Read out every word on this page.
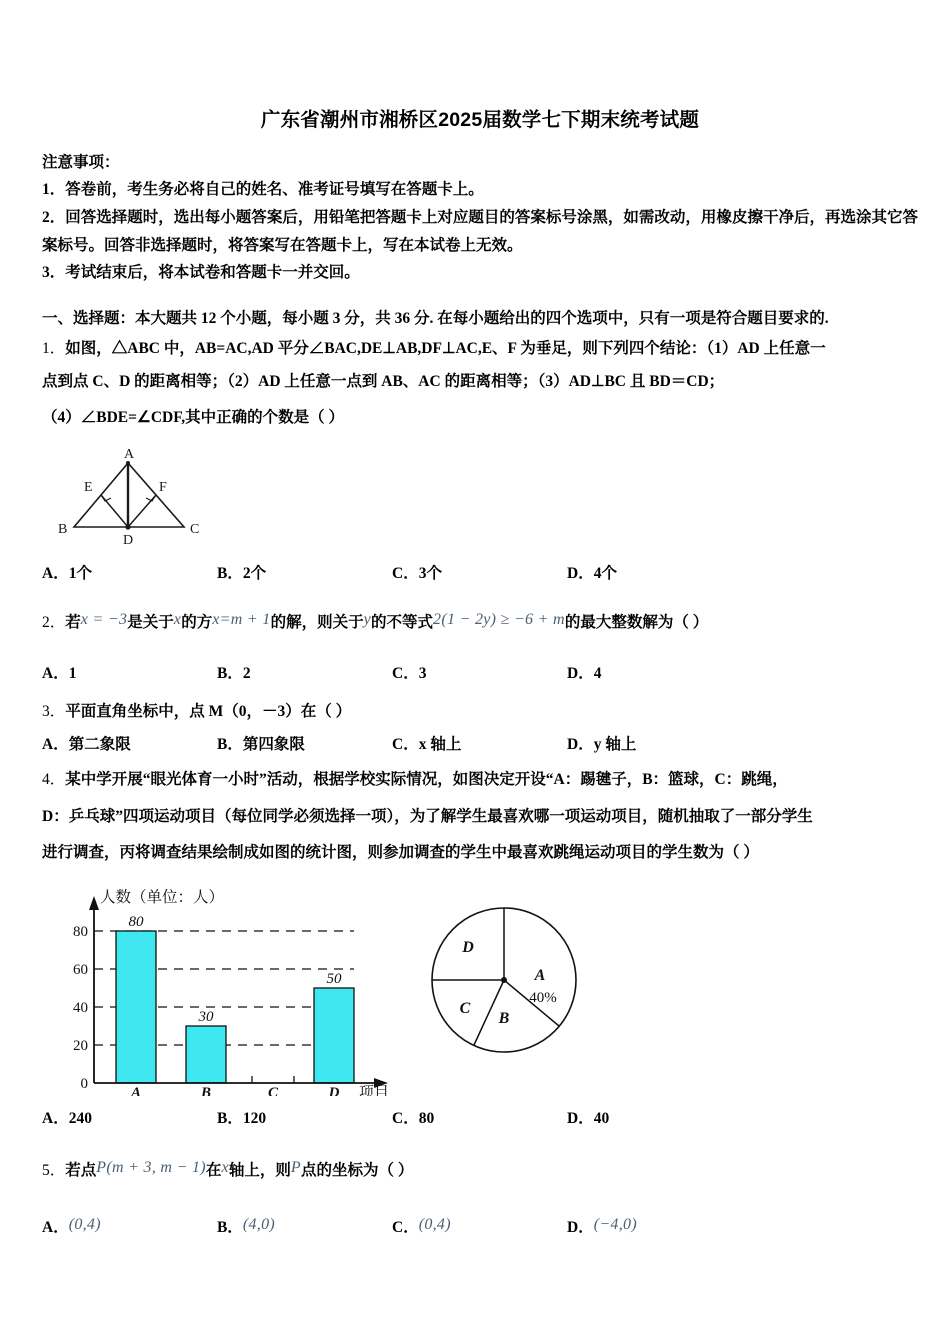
广东省潮州市湘桥区2025届数学七下期末统考试题

注意事项：

1．答卷前，考生务必将自己的姓名、准考证号填写在答题卡上。

2．回答选择题时，选出每小题答案后，用铅笔把答题卡上对应题目的答案标号涂黑，如需改动，用橡皮擦干净后，再选涂其它答案标号。回答非选择题时，将答案写在答题卡上，写在本试卷上无效。

3．考试结束后，将本试卷和答题卡一并交回。

一、选择题：本大题共 12 个小题，每小题 3 分，共 36 分. 在每小题给出的四个选项中，只有一项是符合题目要求的.

1．如图，△ABC 中，AB=AC,AD 平分∠BAC,DE⊥AB,DF⊥AC,E、F 为垂足，则下列四个结论：（1）AD 上任意一

点到点 C、D 的距离相等；（2）AD 上任意一点到 AB、AC 的距离相等；（3）AD⊥BC 且 BD＝CD；

（4）∠BDE=∠CDF,其中正确的个数是（ ）

A
E	F
B
D
C
A．1个	B．2个	C．3个	D．4个

2．若x = −3是关于x的方x=m + 1的解，则关于y的不等式2(1 − 2y) ≥ −6 + m的最大整数解为（ ）

A．1	B．2	C．3	D．4

3．平面直角坐标中，点 M（0，－3）在（ ）

A．第二象限	B．第四象限	C．x 轴上	D．y 轴上

4．某中学开展“眼光体育一小时”活动，根据学校实际情况，如图决定开设“A：踢毽子，B：篮球，C：跳绳，

D：乒乓球”四项运动项目（每位同学必须选择一项），为了解学生最喜欢哪一项运动项目，随机抽取了一部分学生

进行调查，丙将调查结果绘制成如图的统计图，则参加调查的学生中最喜欢跳绳运动项目的学生数为（ ）

0
20
40
60
80
人数（单位：人）
80
30
50
A	B	C	D 项目
A
40%
B
C
D
A．240	B．120	C．80	D．40

5．若点P(m + 3, m − 1)在x轴上，则P点的坐标为（ ）

A．(0,4)	B．(4,0)	C．(0,4)	D．(−4,0)
